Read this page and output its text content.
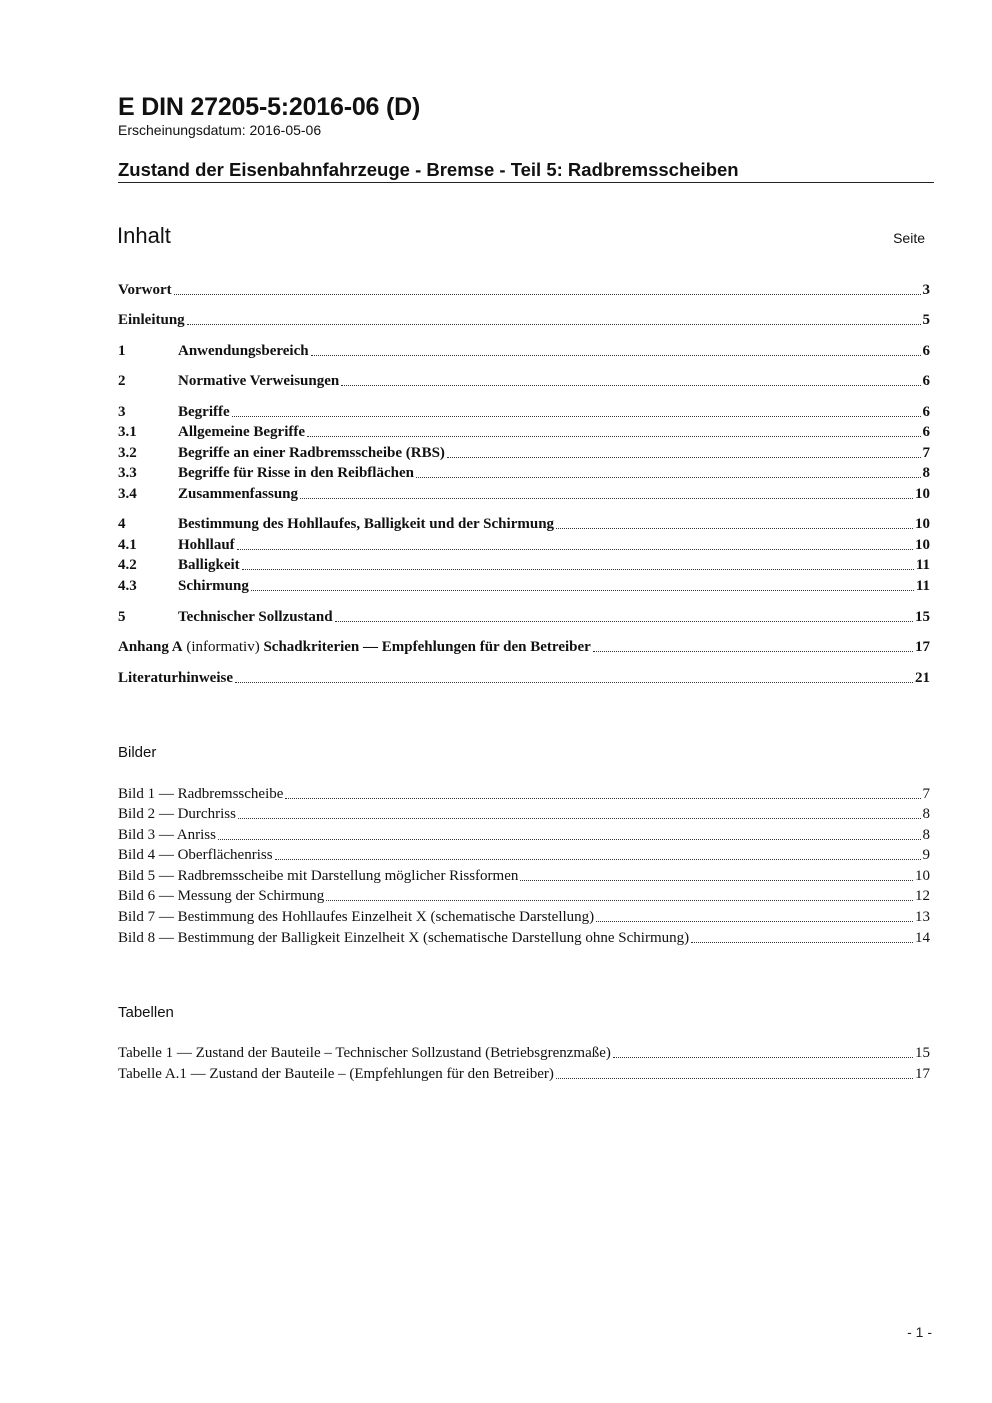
E DIN 27205-5:2016-06 (D)
Erscheinungsdatum: 2016-05-06
Zustand der Eisenbahnfahrzeuge - Bremse - Teil 5: Radbremsscheiben
Inhalt	Seite
Vorwort	3
Einleitung	5
1	Anwendungsbereich	6
2	Normative Verweisungen	6
3	Begriffe	6
3.1	Allgemeine Begriffe	6
3.2	Begriffe an einer Radbremsscheibe (RBS)	7
3.3	Begriffe für Risse in den Reibflächen	8
3.4	Zusammenfassung	10
4	Bestimmung des Hohllaufes, Balligkeit und der Schirmung	10
4.1	Hohllauf	10
4.2	Balligkeit	11
4.3	Schirmung	11
5	Technischer Sollzustand	15
Anhang A (informativ) Schadkriterien — Empfehlungen für den Betreiber	17
Literaturhinweise	21
Bilder
Bild 1 — Radbremsscheibe	7
Bild 2 — Durchriss	8
Bild 3 — Anriss	8
Bild 4 — Oberflächenriss	9
Bild 5 — Radbremsscheibe mit Darstellung möglicher Rissformen	10
Bild 6 — Messung der Schirmung	12
Bild 7 — Bestimmung des Hohllaufes Einzelheit X (schematische Darstellung)	13
Bild 8 — Bestimmung der Balligkeit Einzelheit X (schematische Darstellung ohne Schirmung)	14
Tabellen
Tabelle 1 — Zustand der Bauteile – Technischer Sollzustand (Betriebsgrenzmaße)	15
Tabelle A.1 — Zustand der Bauteile – (Empfehlungen für den Betreiber)	17
- 1 -
